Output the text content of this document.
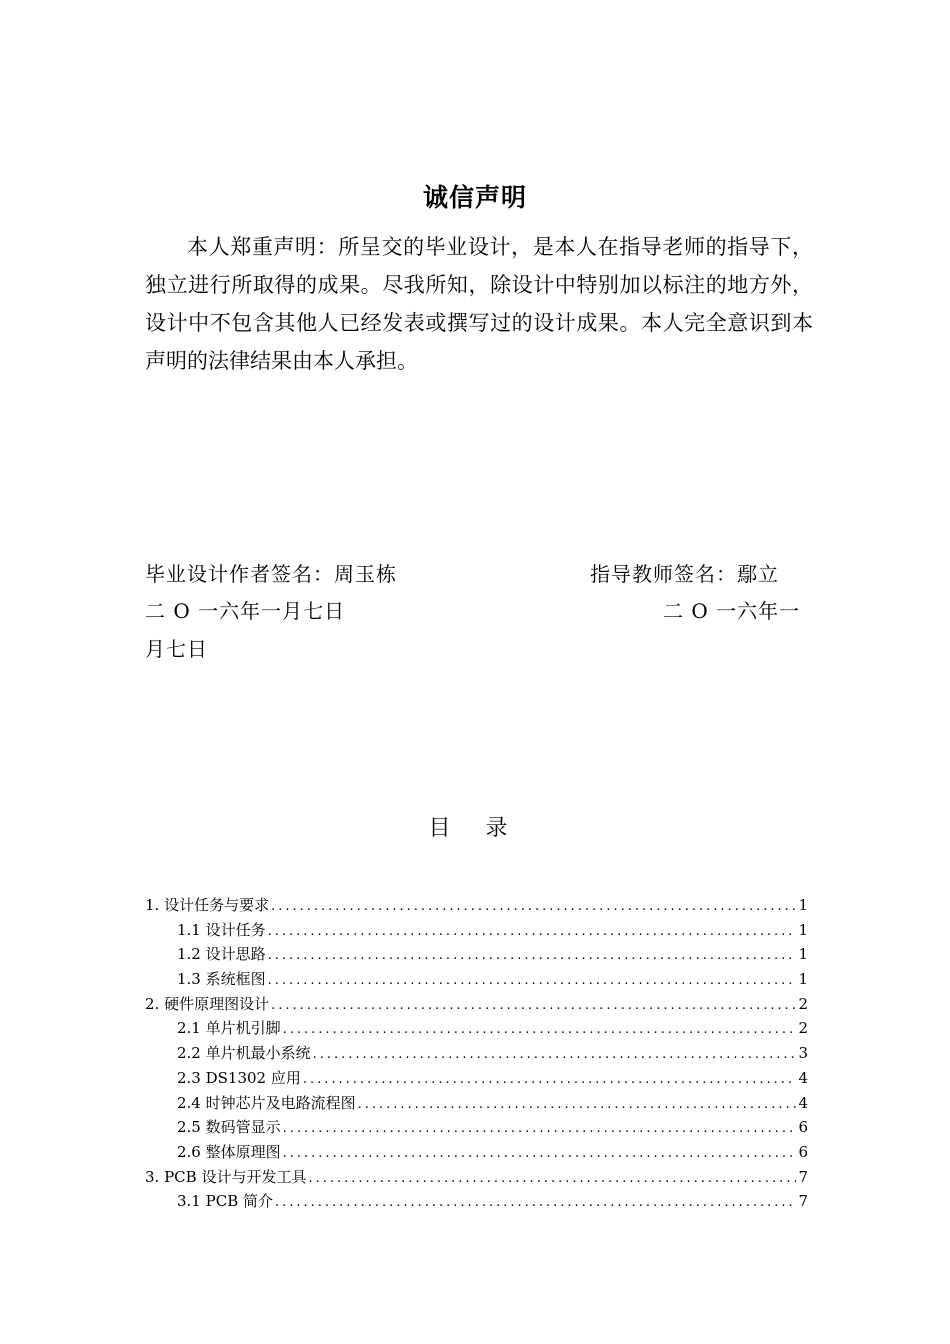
诚信声明

本人郑重声明：所呈交的毕业设计，是本人在指导老师的指导下，独立进行所取得的成果。尽我所知，除设计中特别加以标注的地方外，设计中不包含其他人已经发表或撰写过的设计成果。本人完全意识到本声明的法律结果由本人承担。

毕业设计作者签名：周玉栋	指导教师签名：鄢立
二 O 一六年一月七日	二 O 一六年一
月七日
目 录
1. 设计任务与要求 .....	1
1.1 设计任务 .....	1
1.2 设计思路 .....	1
1.3 系统框图 .....	1
2. 硬件原理图设计 .....	2
2.1 单片机引脚 .....	2
2.2 单片机最小系统 .....	3
2.3 DS1302 应用 .....	4
2.4 时钟芯片及电路流程图 .....	4
2.5 数码管显示 .....	6
2.6 整体原理图 .....	6
3. PCB 设计与开发工具 .....	7
3.1 PCB 简介 .....	7
